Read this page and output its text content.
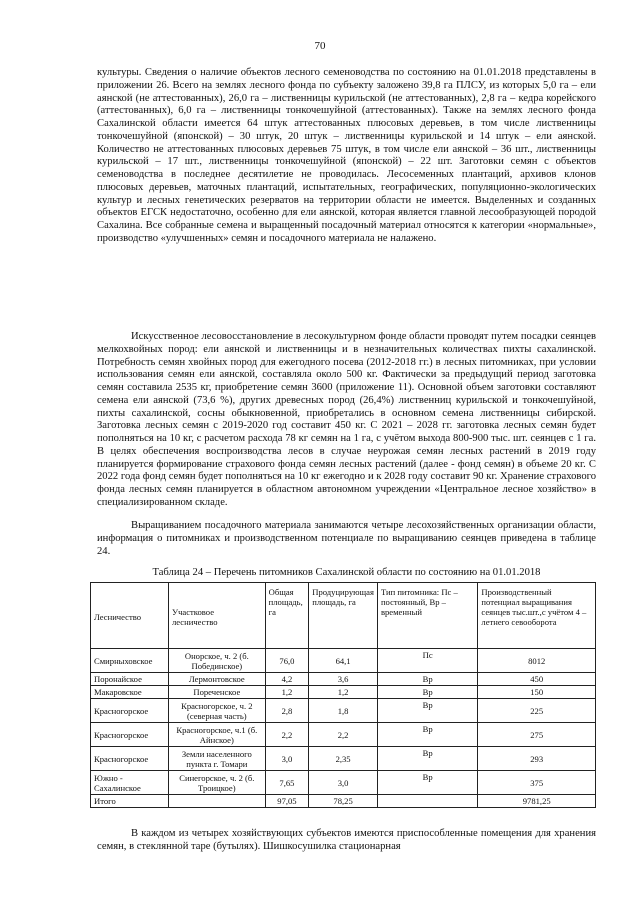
70

культуры. Сведения о наличие объектов лесного семеноводства по состоянию на 01.01.2018 представлены в приложении 26. Всего на землях лесного фонда по субъекту заложено 39,8 га ПЛСУ, из которых 5,0 га – ели аянской (не аттестованных), 26,0 га – лиственницы курильской (не аттестованных), 2,8 га – кедра корейского (аттестованных), 6,0 га – лиственницы тонкочешуйной (аттестованных). Также на землях лесного фонда Сахалинской области имеется 64 штук аттестованных плюсовых деревьев, в том числе лиственницы тонкочешуйной (японской) – 30 штук, 20 штук – лиственницы курильской и 14 штук – ели аянской. Количество не аттестованных плюсовых деревьев 75 штук, в том числе ели аянской – 36 шт., лиственницы курильской – 17 шт., лиственницы тонкочешуйной (японской) – 22 шт. Заготовки семян с объектов семеноводства в последнее десятилетие не проводилась. Лесосеменных плантаций, архивов клонов плюсовых деревьев, маточных плантаций, испытательных, географических, популяционно-экологических культур и лесных генетических резерватов на территории области не имеется. Выделенных и созданных объектов ЕГСК недостаточно, особенно для ели аянской, которая является главной лесообразующей породой Сахалина. Все собранные семена и выращенный посадочный материал относятся к категории «нормальные», производство «улучшенных» семян и посадочного материала не налажено.

Искусственное лесовосстановление в лесокультурном фонде области проводят путем посадки сеянцев мелкохвойных пород: ели аянской и лиственницы и в незначительных количествах пихты сахалинской. Потребность семян хвойных пород для ежегодного посева (2012-2018 гг.) в лесных питомниках, при условии использования семян ели аянской, составляла около 500 кг. Фактически за предыдущий период заготовка семян составила 2535 кг, приобретение семян 3600 (приложение 11). Основной объем заготовки составляют семена ели аянской (73,6 %), других древесных пород (26,4%) лиственниц курильской и тонкочешуйной, пихты сахалинской, сосны обыкновенной, приобретались в основном семена лиственницы сибирской. Заготовка лесных семян с 2019-2020 год составит 450 кг. С 2021 – 2028 гг. заготовка лесных семян будет пополняться на 10 кг, с расчетом расхода 78 кг семян на 1 га, с учётом выхода 800-900 тыс. шт. сеянцев с 1 га. В целях обеспечения воспроизводства лесов в случае неурожая семян лесных растений в 2019 году планируется формирование страхового фонда семян лесных растений (далее - фонд семян) в объеме 20 кг. С 2022 года фонд семян будет пополняться на 10 кг ежегодно и к 2028 году составит 90 кг. Хранение страхового фонда лесных семян планируется в областном автономном учреждении «Центральное лесное хозяйство» в специализированном складе.

Выращиванием посадочного материала занимаются четыре лесохозяйственных организации области, информация о питомниках и производственном потенциале по выращиванию сеянцев приведена в таблице 24.

Таблица 24 – Перечень питомников Сахалинской области по состоянию на 01.01.2018
Лесничество	Участковое лесничество	Общая площадь, га	Продуцирующая площадь, га	Тип питомника: Пс – постоянный, Вр – временный	Производственный потенциал выращивания сеянцев тыс.шт.,с учётом 4 – летнего севооборота
Смирныховское	Онорское, ч. 2 (б. Побединское)	76,0	64,1	Пс	8012
Поронайское	Лермонтовское	4,2	3,6	Вр	450
Макаровское	Пореченское	1,2	1,2	Вр	150
Красногорское	Красногорское, ч. 2 (северная часть)	2,8	1,8	Вр	225
Красногорское	Красногорское, ч.1 (б. Айнское)	2,2	2,2	Вр	275
Красногорское	Земли населенного пункта г. Томари	3,0	2,35	Вр	293
Южно - Сахалинское	Синегорское, ч. 2 (б. Троицкое)	7,65	3,0	Вр	375
Итого		97,05	78,25		9781,25

В каждом из четырех хозяйствующих субъектов имеются приспособленные помещения для хранения семян, в стеклянной таре (бутылях). Шишкосушилка стационарная
